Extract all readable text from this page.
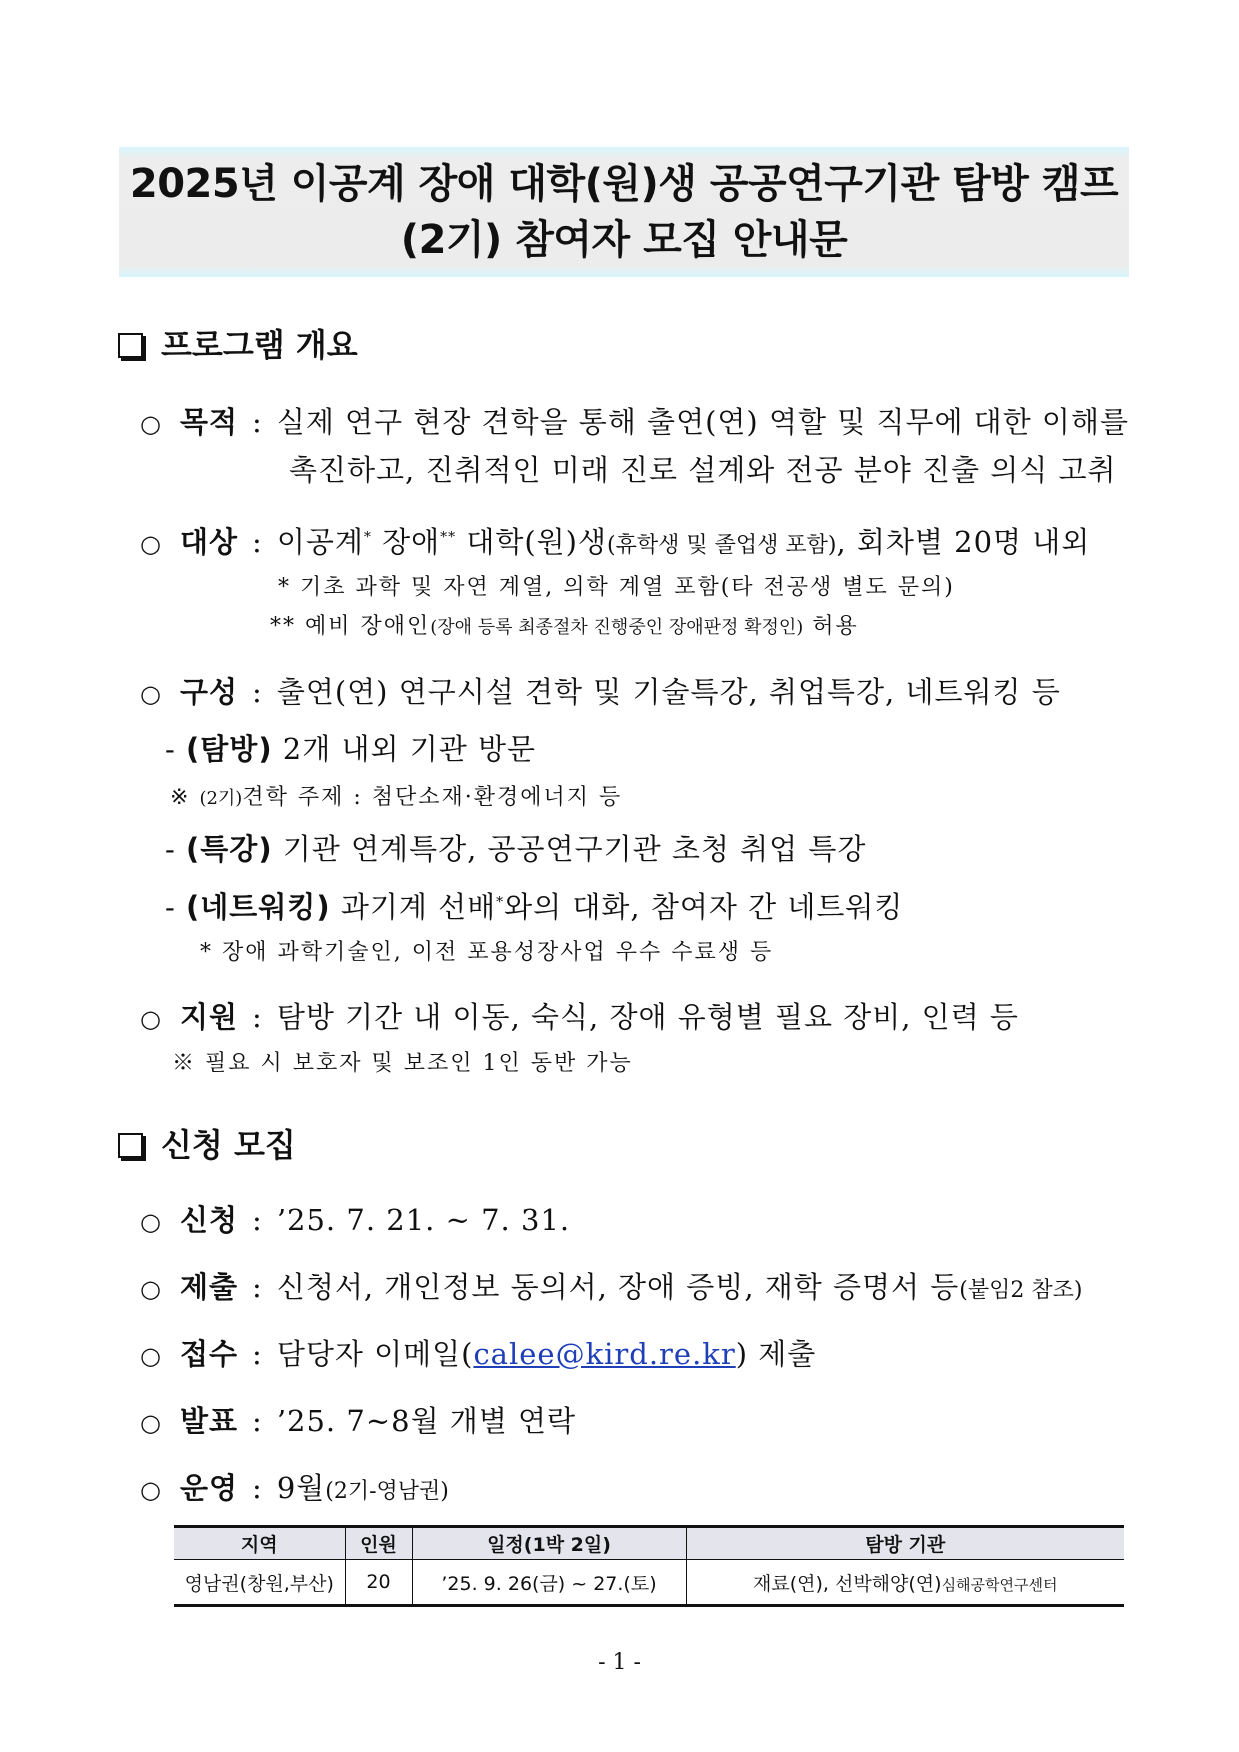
2025년 이공계 장애 대학(원)생 공공연구기관 탐방 캠프
(2기) 참여자 모집 안내문
프로그램 개요
○ 목적 : 실제 연구 현장 견학을 통해 출연(연) 역할 및 직무에 대한 이해를
촉진하고, 진취적인 미래 진로 설계와 전공 분야 진출 의식 고취
○ 대상 : 이공계* 장애** 대학(원)생(휴학생 및 졸업생 포함), 회차별 20명 내외
* 기초 과학 및 자연 계열, 의학 계열 포함(타 전공생 별도 문의)
** 예비 장애인(장애 등록 최종절차 진행중인 장애판정 확정인) 허용
○ 구성 : 출연(연) 연구시설 견학 및 기술특강, 취업특강, 네트워킹 등
- (탐방) 2개 내외 기관 방문
※ (2기)견학 주제 : 첨단소재·환경에너지 등
- (특강) 기관 연계특강, 공공연구기관 초청 취업 특강
- (네트워킹) 과기계 선배*와의 대화, 참여자 간 네트워킹
* 장애 과학기술인, 이전 포용성장사업 우수 수료생 등
○ 지원 : 탐방 기간 내 이동, 숙식, 장애 유형별 필요 장비, 인력 등
※ 필요 시 보호자 및 보조인 1인 동반 가능
신청 모집
○ 신청 : ’25. 7. 21. ~ 7. 31.
○ 제출 : 신청서, 개인정보 동의서, 장애 증빙, 재학 증명서 등(붙임2 참조)
○ 접수 : 담당자 이메일(calee@kird.re.kr) 제출
○ 발표 : ’25. 7~8월 개별 연락
○ 운영 : 9월(2기-영남권)
지역	인원	일정(1박 2일)	탐방 기관
영남권(창원,부산)	20	’25. 9. 26(금) ~ 27.(토)	재료(연), 선박해양(연)심해공학연구센터
- 1 -
